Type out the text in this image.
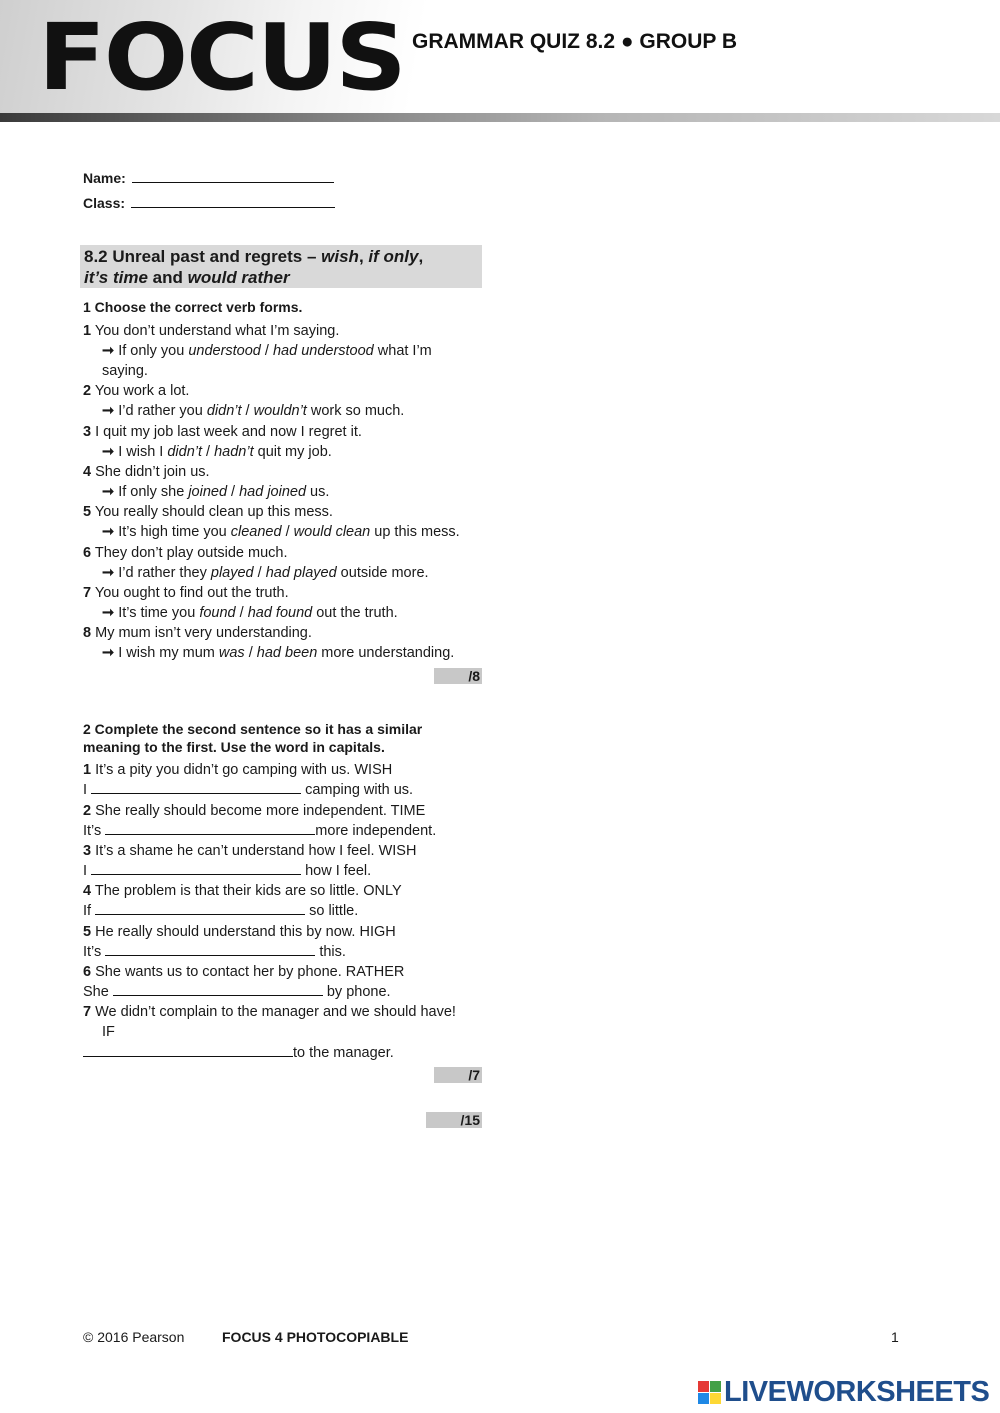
FOCUS GRAMMAR QUIZ 8.2 ● GROUP B
Name:
Class:
8.2 Unreal past and regrets – wish, if only,
it’s time and would rather
1 Choose the correct verb forms.
1 You don’t understand what I’m saying.
➞ If only you understood / had understood what I’m
saying.
2 You work a lot.
➞ I’d rather you didn’t / wouldn’t work so much.
3 I quit my job last week and now I regret it.
➞ I wish I didn’t / hadn’t quit my job.
4 She didn’t join us.
➞ If only she joined / had joined us.
5 You really should clean up this mess.
➞ It’s high time you cleaned / would clean up this mess.
6 They don’t play outside much.
➞ I’d rather they played / had played outside more.
7 You ought to find out the truth.
➞ It’s time you found / had found out the truth.
8 My mum isn’t very understanding.
➞ I wish my mum was / had been more understanding.
/8
2 Complete the second sentence so it has a similar
meaning to the first. Use the word in capitals.
1 It’s a pity you didn’t go camping with us. WISH
I	camping with us.
2 She really should become more independent. TIME
It’s	more independent.
3 It’s a shame he can’t understand how I feel. WISH
I	how I feel.
4 The problem is that their kids are so little. ONLY
If	so little.
5 He really should understand this by now. HIGH
It’s	this.
6 She wants us to contact her by phone. RATHER
She	by phone.
7 We didn’t complain to the manager and we should have!
IF
to the manager.
/7
/15
© 2016 Pearson	FOCUS 4 PHOTOCOPIABLE	1
LIVEWORKSHEETS
